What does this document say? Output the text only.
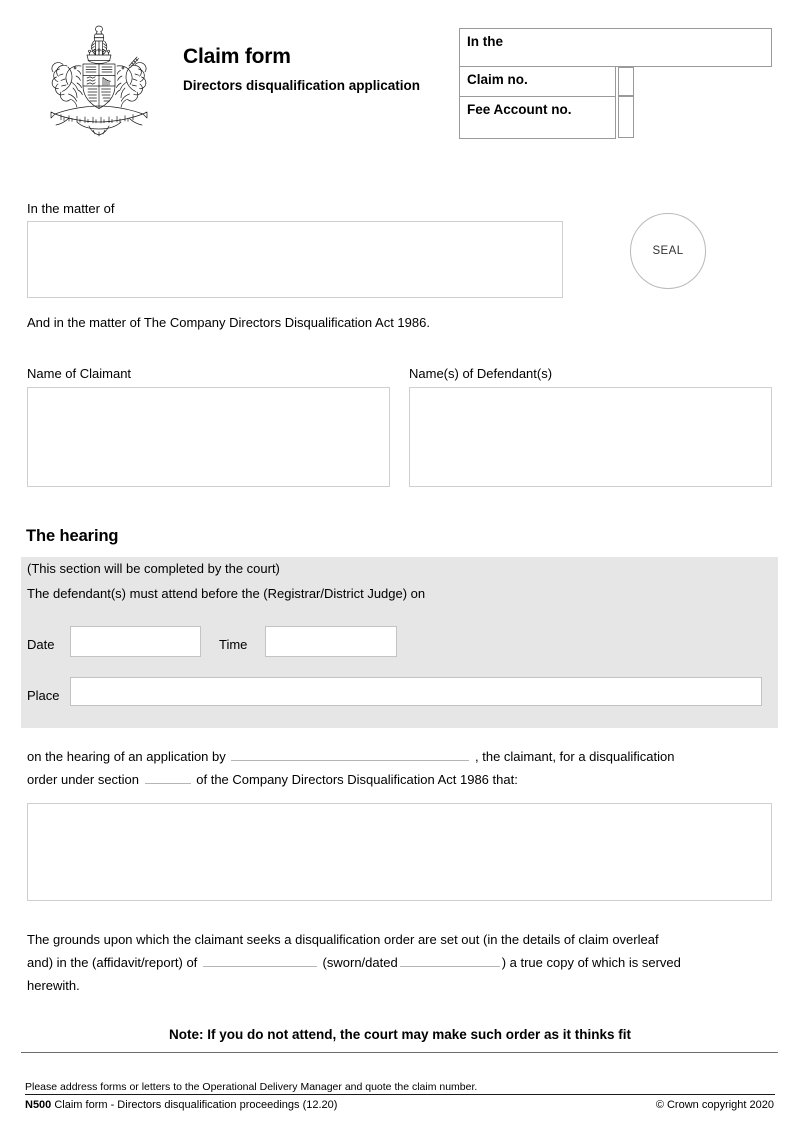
Claim form
Directors disqualification application
In the
Claim no.	
Fee Account no.	
In the matter of
SEAL
And in the matter of The Company Directors Disqualification Act 1986.
Name of Claimant	Name(s) of Defendant(s)
The hearing
(This section will be completed by the court)
The defendant(s) must attend before the (Registrar/District Judge) on
Date	Time
Place
on the hearing of an application by	, the claimant, for a disqualification
order under section	of the Company Directors Disqualification Act 1986 that:
The grounds upon which the claimant seeks a disqualification order are set out (in the details of claim overleaf
and) in the (affidavit/report) of	(sworn/dated	) a true copy of which is served
herewith.
Note: If you do not attend, the court may make such order as it thinks fit
Please address forms or letters to the Operational Delivery Manager and quote the claim number.
N500 Claim form - Directors disqualification proceedings (12.20)	© Crown copyright 2020
